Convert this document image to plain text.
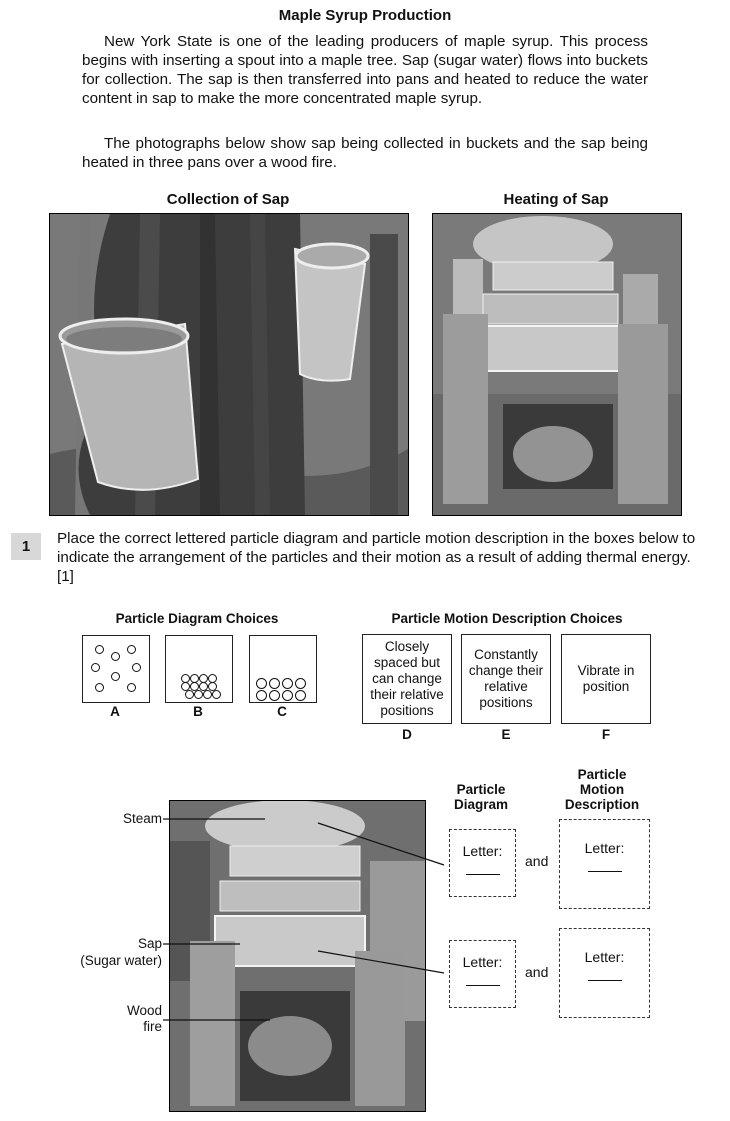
Maple Syrup Production
New York State is one of the leading producers of maple syrup. This process begins with inserting a spout into a maple tree. Sap (sugar water) flows into buckets for collection. The sap is then transferred into pans and heated to reduce the water content in sap to make the more concentrated maple syrup.
The photographs below show sap being collected in buckets and the sap being heated in three pans over a wood fire.
Collection of Sap	Heating of Sap
1	Place the correct lettered particle diagram and particle motion description in the boxes below to indicate the arrangement of the particles and their motion as a result of adding thermal energy. [1]
Particle Diagram Choices
A	B	C
Particle Motion Description Choices
Closely spaced but can change their relative positions
D
Constantly change their relative positions
E
Vibrate in position
F
Steam
Sap
(Sugar water)
Wood
fire
Particle Diagram
Particle Motion Description
Letter:
and
Letter:
Letter:
and
Letter:
